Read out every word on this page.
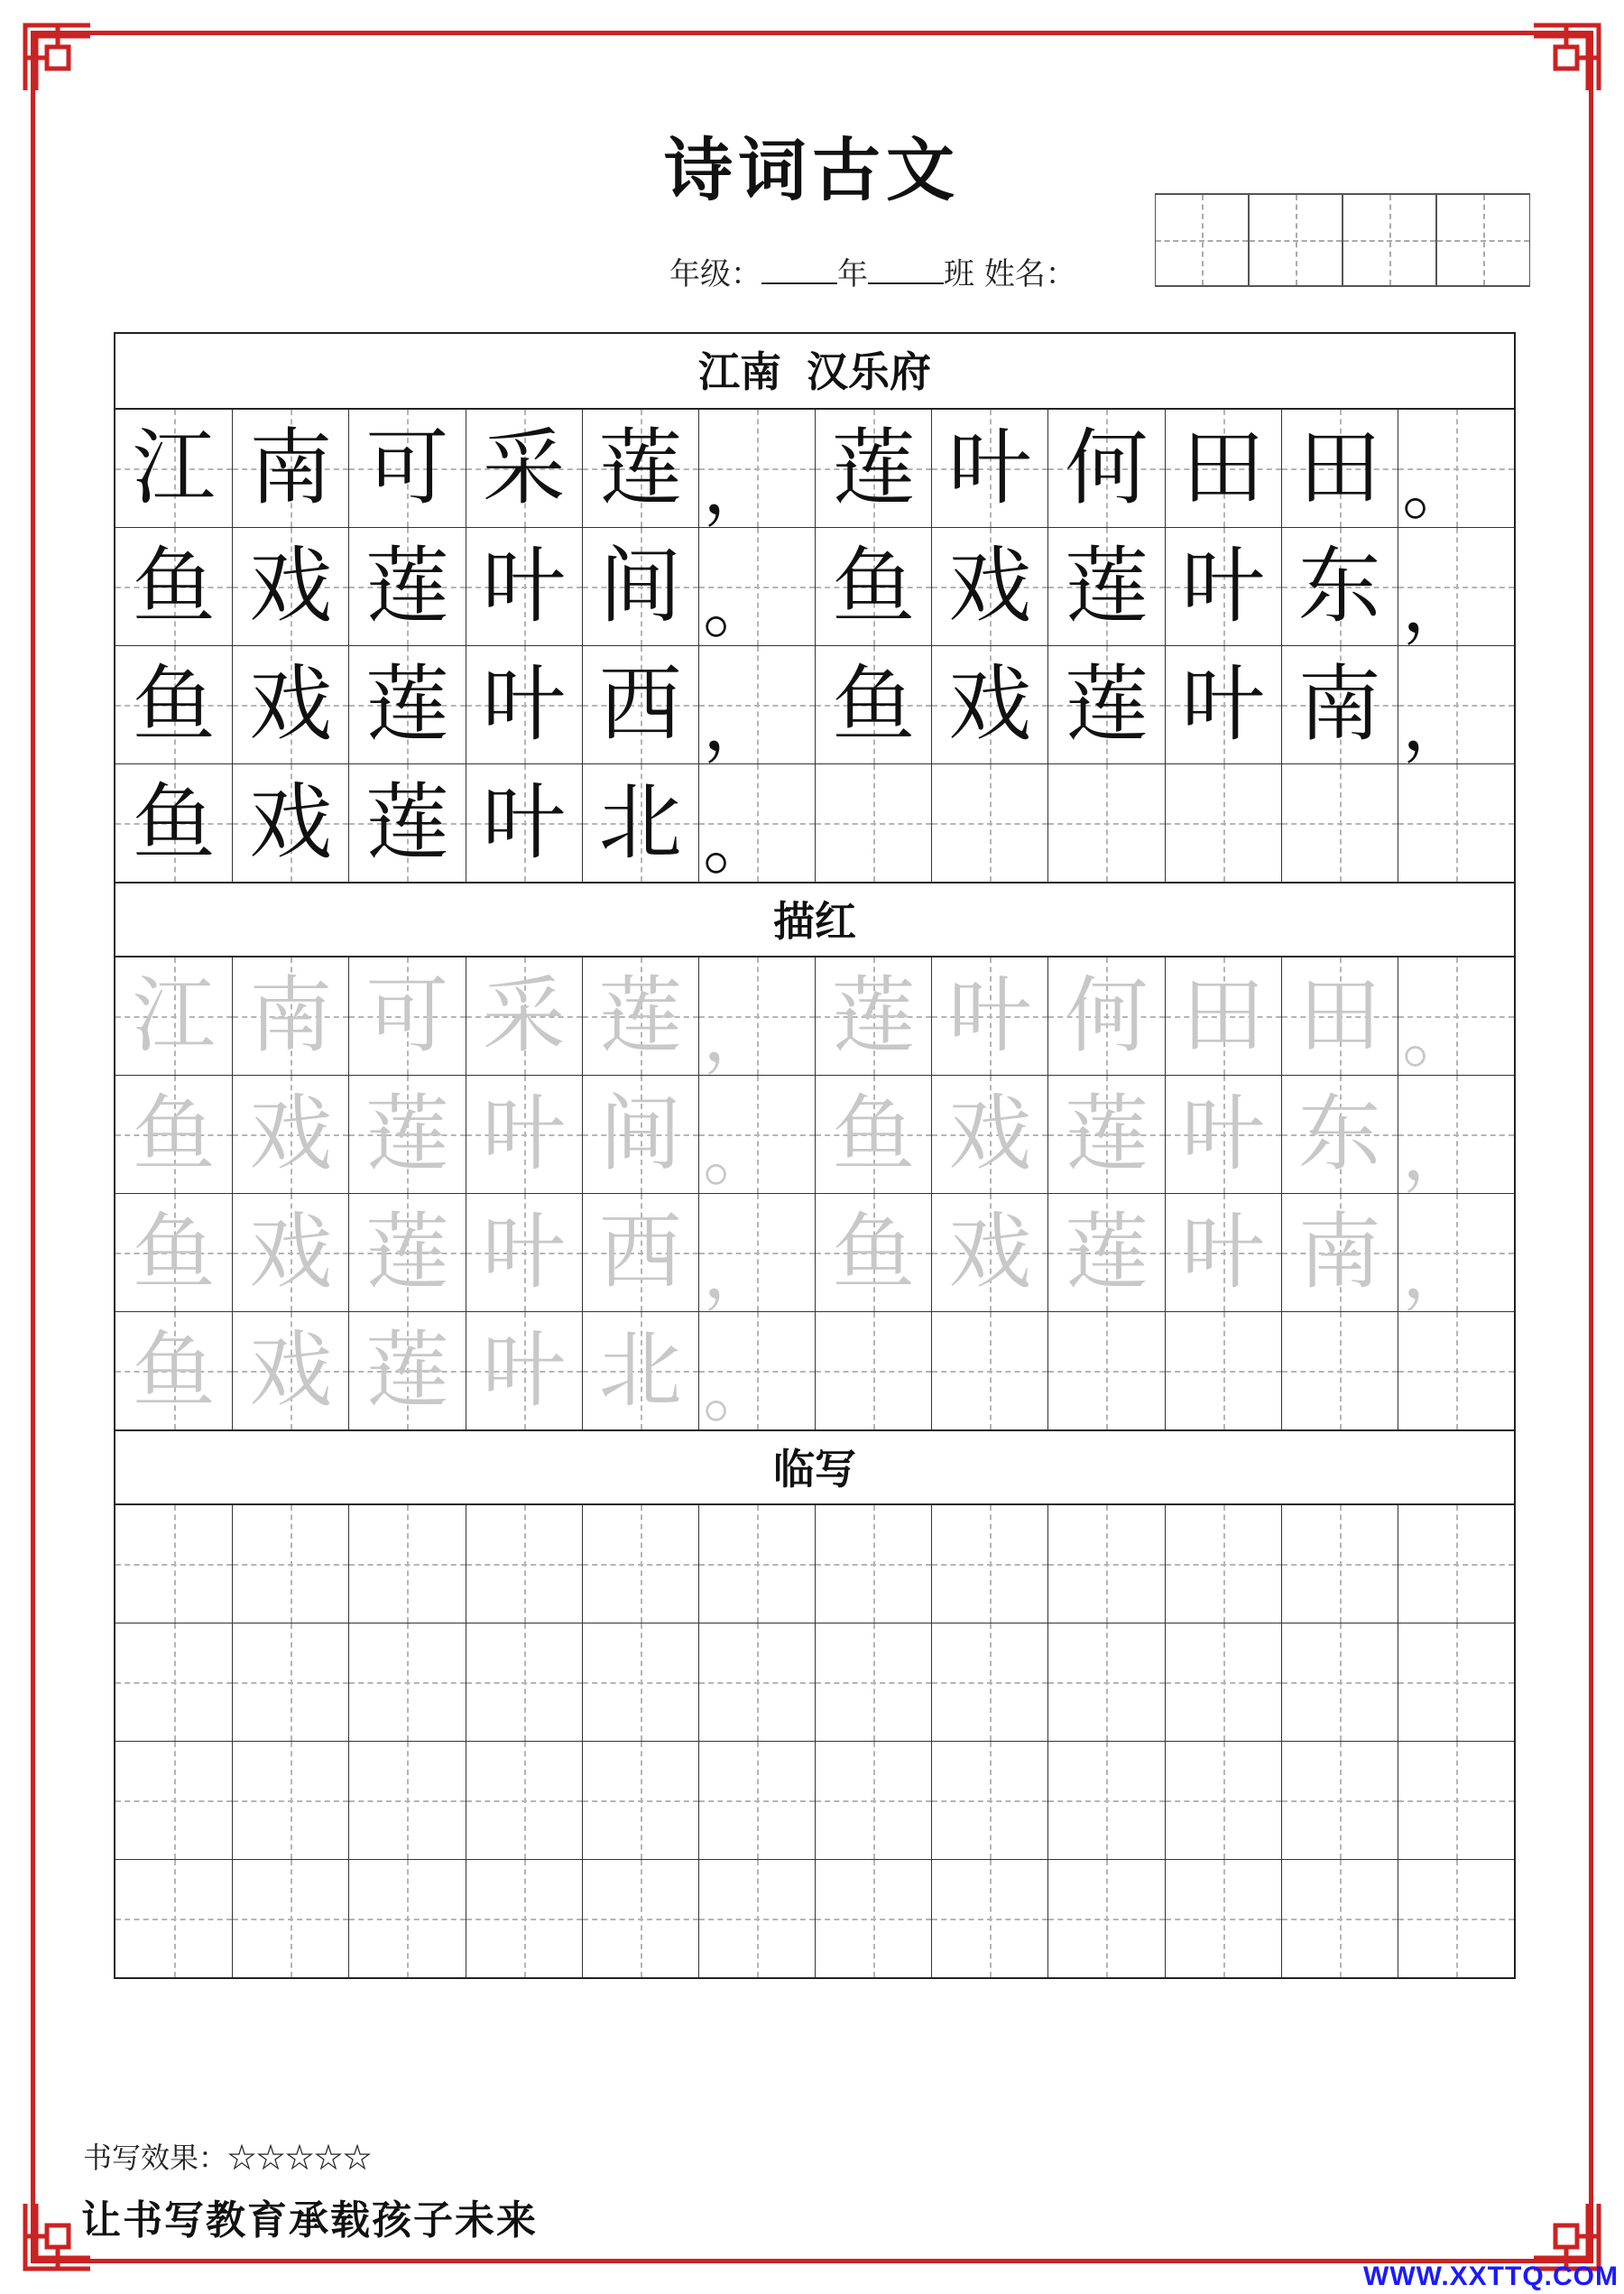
诗词古文
年级： 年 班 姓名：
江南 汉乐府
江 南 可 采 莲 ， 莲 叶 何 田 田 。
鱼 戏 莲 叶 间 。 鱼 戏 莲 叶 东 ，
鱼 戏 莲 叶 西 ， 鱼 戏 莲 叶 南 ，
鱼 戏 莲 叶 北 。
描红
江 南 可 采 莲 ， 莲 叶 何 田 田 。
鱼 戏 莲 叶 间 。 鱼 戏 莲 叶 东 ，
鱼 戏 莲 叶 西 ， 鱼 戏 莲 叶 南 ，
鱼 戏 莲 叶 北 。
临写
书写效果：☆☆☆☆☆
让书写教育承载孩子未来
WWW.XXTTQ.COM
